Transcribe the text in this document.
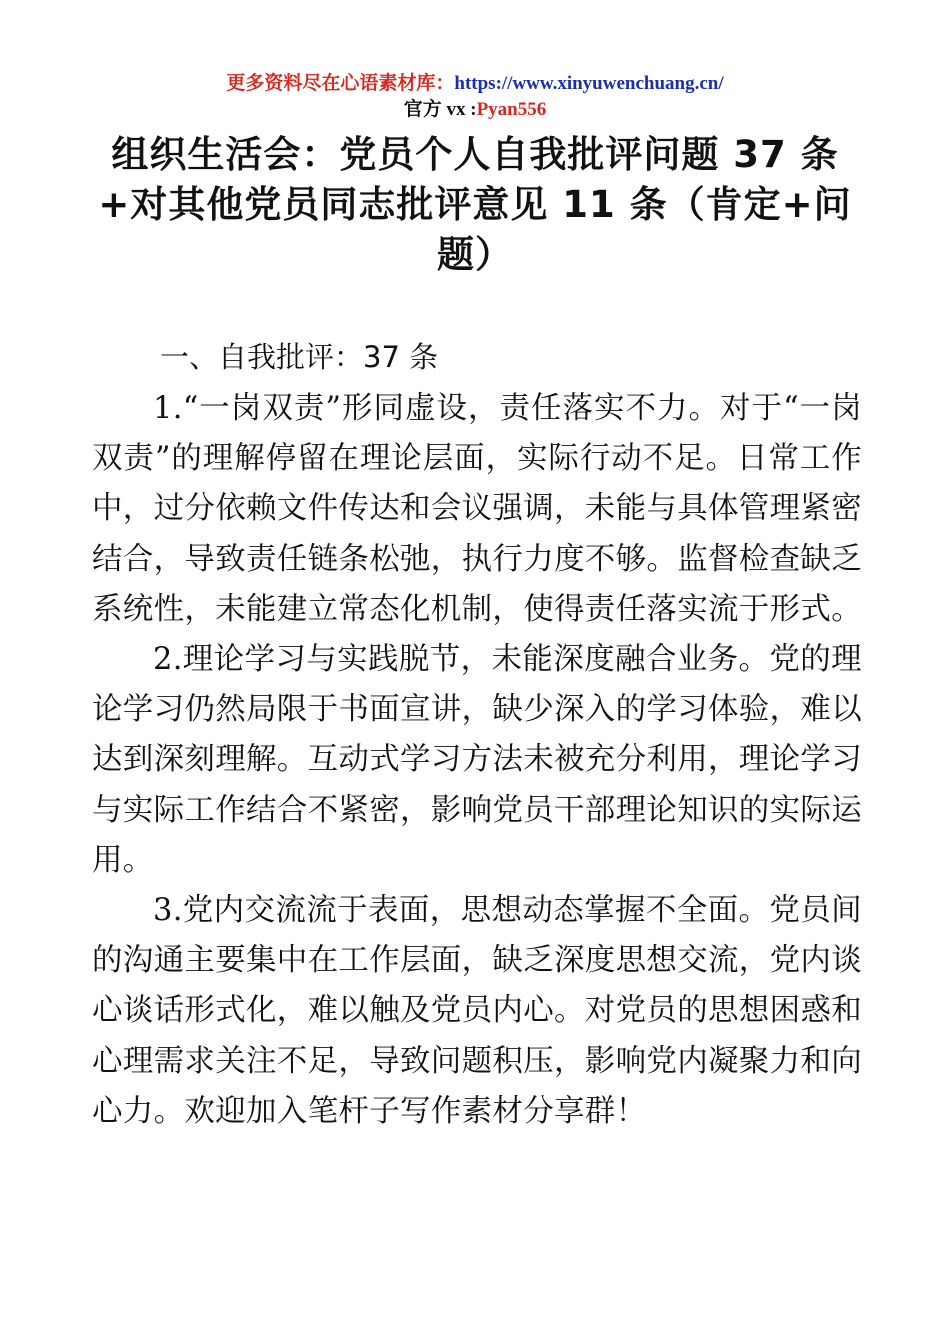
更多资料尽在心语素材库：https://www.xinyuwenchuang.cn/
官方 vx :Pyan556
组织生活会：党员个人自我批评问题 37 条+对其他党员同志批评意见 11 条（肯定+问题）
一、自我批评：37 条

1.“一岗双责”形同虚设，责任落实不力。对于“一岗双责”的理解停留在理论层面，实际行动不足。日常工作中，过分依赖文件传达和会议强调，未能与具体管理紧密结合，导致责任链条松弛，执行力度不够。监督检查缺乏系统性，未能建立常态化机制，使得责任落实流于形式。

2.理论学习与实践脱节，未能深度融合业务。党的理论学习仍然局限于书面宣讲，缺少深入的学习体验，难以达到深刻理解。互动式学习方法未被充分利用，理论学习与实际工作结合不紧密，影响党员干部理论知识的实际运用。

3.党内交流流于表面，思想动态掌握不全面。党员间的沟通主要集中在工作层面，缺乏深度思想交流，党内谈心谈话形式化，难以触及党员内心。对党员的思想困惑和心理需求关注不足，导致问题积压，影响党内凝聚力和向心力。欢迎加入笔杆子写作素材分享群！
